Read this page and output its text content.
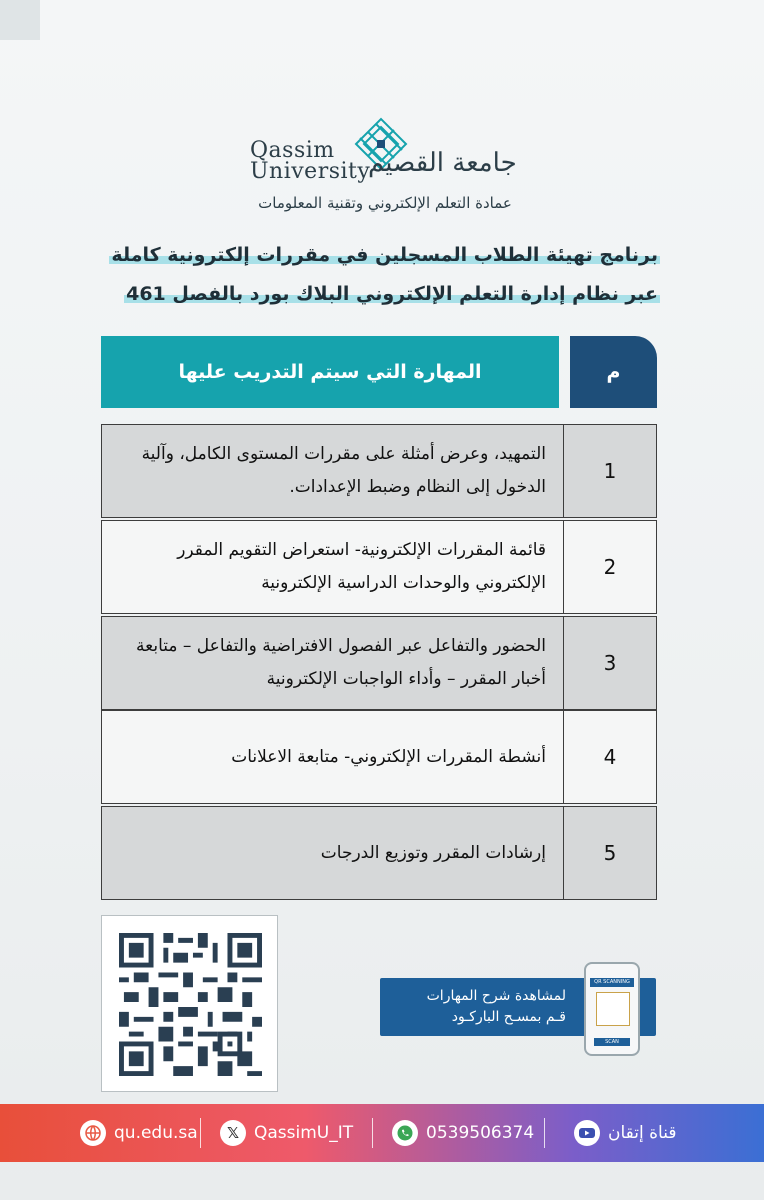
Qassim
University
جامعة القصيم
عمادة التعلم الإلكتروني وتقنية المعلومات
برنامج تهيئة الطلاب المسجلين في مقررات إلكترونية كاملة
عبر نظام إدارة التعلم الإلكتروني البلاك بورد بالفصل 461
م
المهارة التي سيتم التدريب عليها
1
التمهيد، وعرض أمثلة على مقررات المستوى الكامل، وآلية الدخول إلى النظام وضبط الإعدادات.
2
قائمة المقررات الإلكترونية- استعراض التقويم المقرر الإلكتروني والوحدات الدراسية الإلكترونية
3
الحضور والتفاعل عبر الفصول الافتراضية والتفاعل – متابعة أخبار المقرر – وأداء الواجبات الإلكترونية
4
أنشطة المقررات الإلكتروني- متابعة الاعلانات
5
إرشادات المقرر وتوزيع الدرجات
لمشاهدة شرح المهارات
قـم بمسـح الباركـود
QR SCANNING
SCAN
qu.edu.sa 𝕏 QassimU_IT	0539506374	قناة إتقان
